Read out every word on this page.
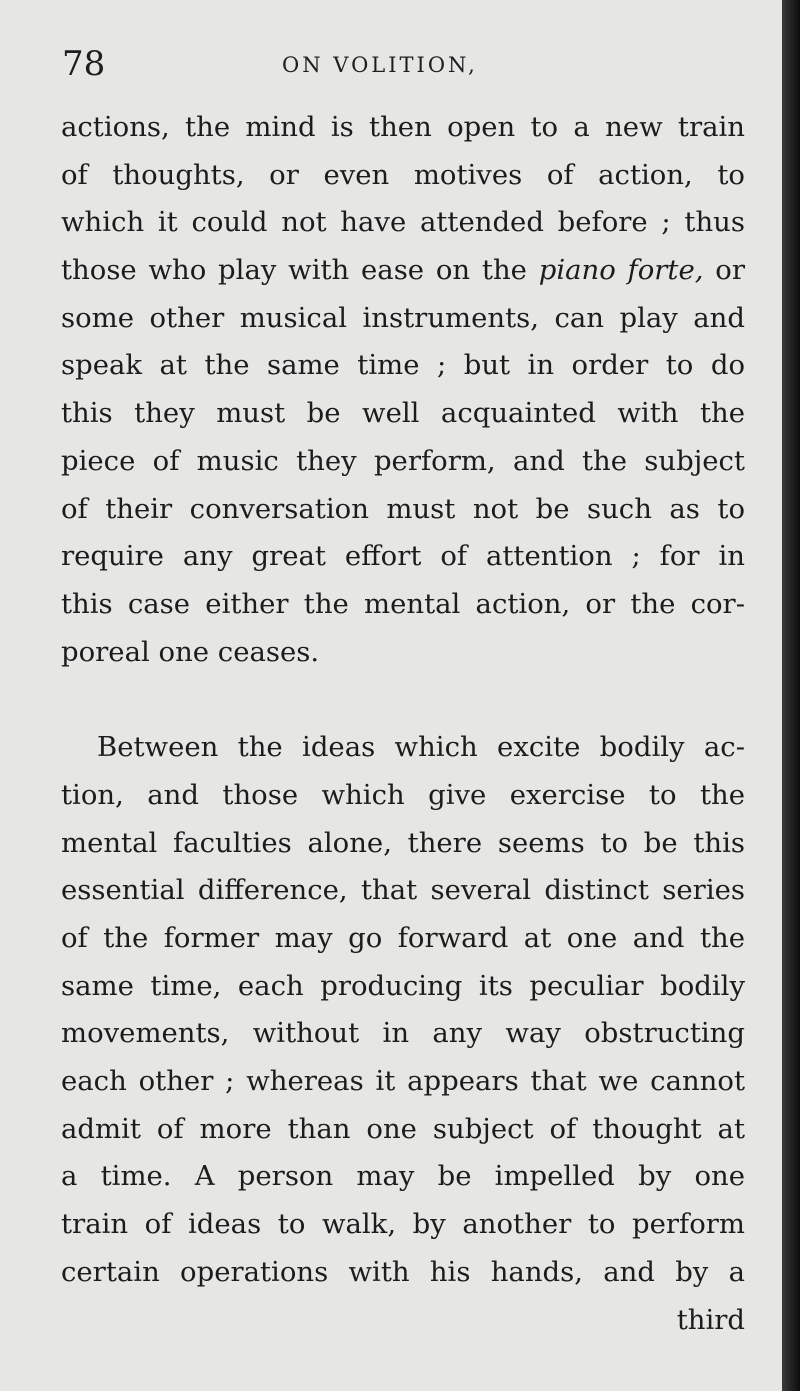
78	ON VOLITION,
actions, the mind is then open to a new train
of thoughts, or even motives of action, to
which it could not have attended before ; thus
those who play with ease on the piano forte, or
some other musical instruments, can play and
speak at the same time ; but in order to do
this they must be well acquainted with the
piece of music they perform, and the subject
of their conversation must not be such as to
require any great effort of attention ; for in
this case either the mental action, or the cor-
poreal one ceases.
Between the ideas which excite bodily ac-
tion, and those which give exercise to the
mental faculties alone, there seems to be this
essential difference, that several distinct series
of the former may go forward at one and the
same time, each producing its peculiar bodily
movements, without in any way obstructing
each other ; whereas it appears that we cannot
admit of more than one subject of thought at
a time. A person may be impelled by one
train of ideas to walk, by another to perform
certain operations with his hands, and by a
third
